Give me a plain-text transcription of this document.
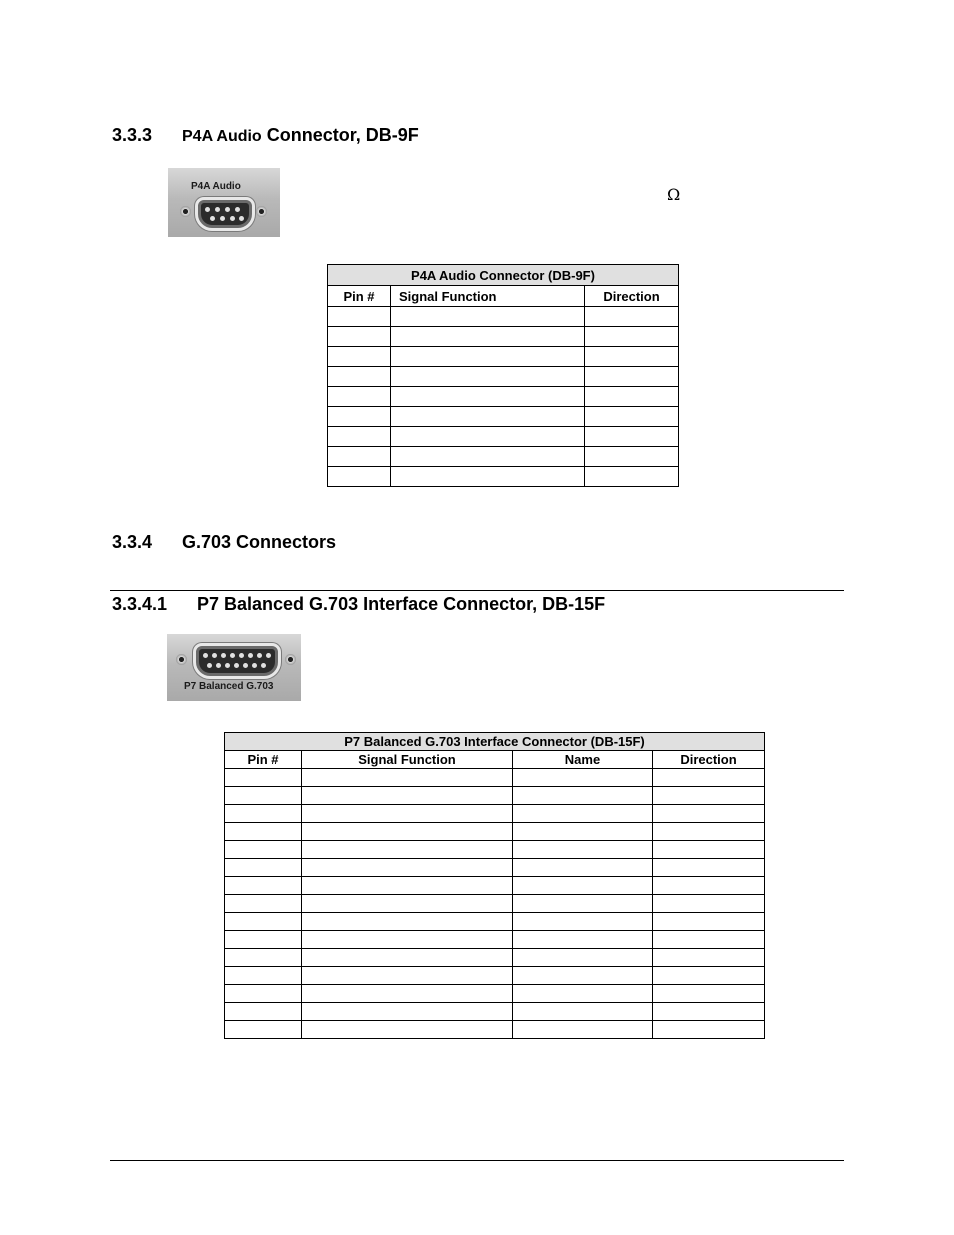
3.3.3 P4A Audio Connector, DB-9F
P4A Audio	Ω
P4A Audio Connector (DB-9F)		
Pin #	Signal Function	Direction

3.3.4 G.703 Connectors
3.3.4.1 P7 Balanced G.703 Interface Connector, DB-15F
P7 Balanced G.703
P7 Balanced G.703 Interface Connector (DB-15F)			
Pin #	Signal Function	Name	Direction
